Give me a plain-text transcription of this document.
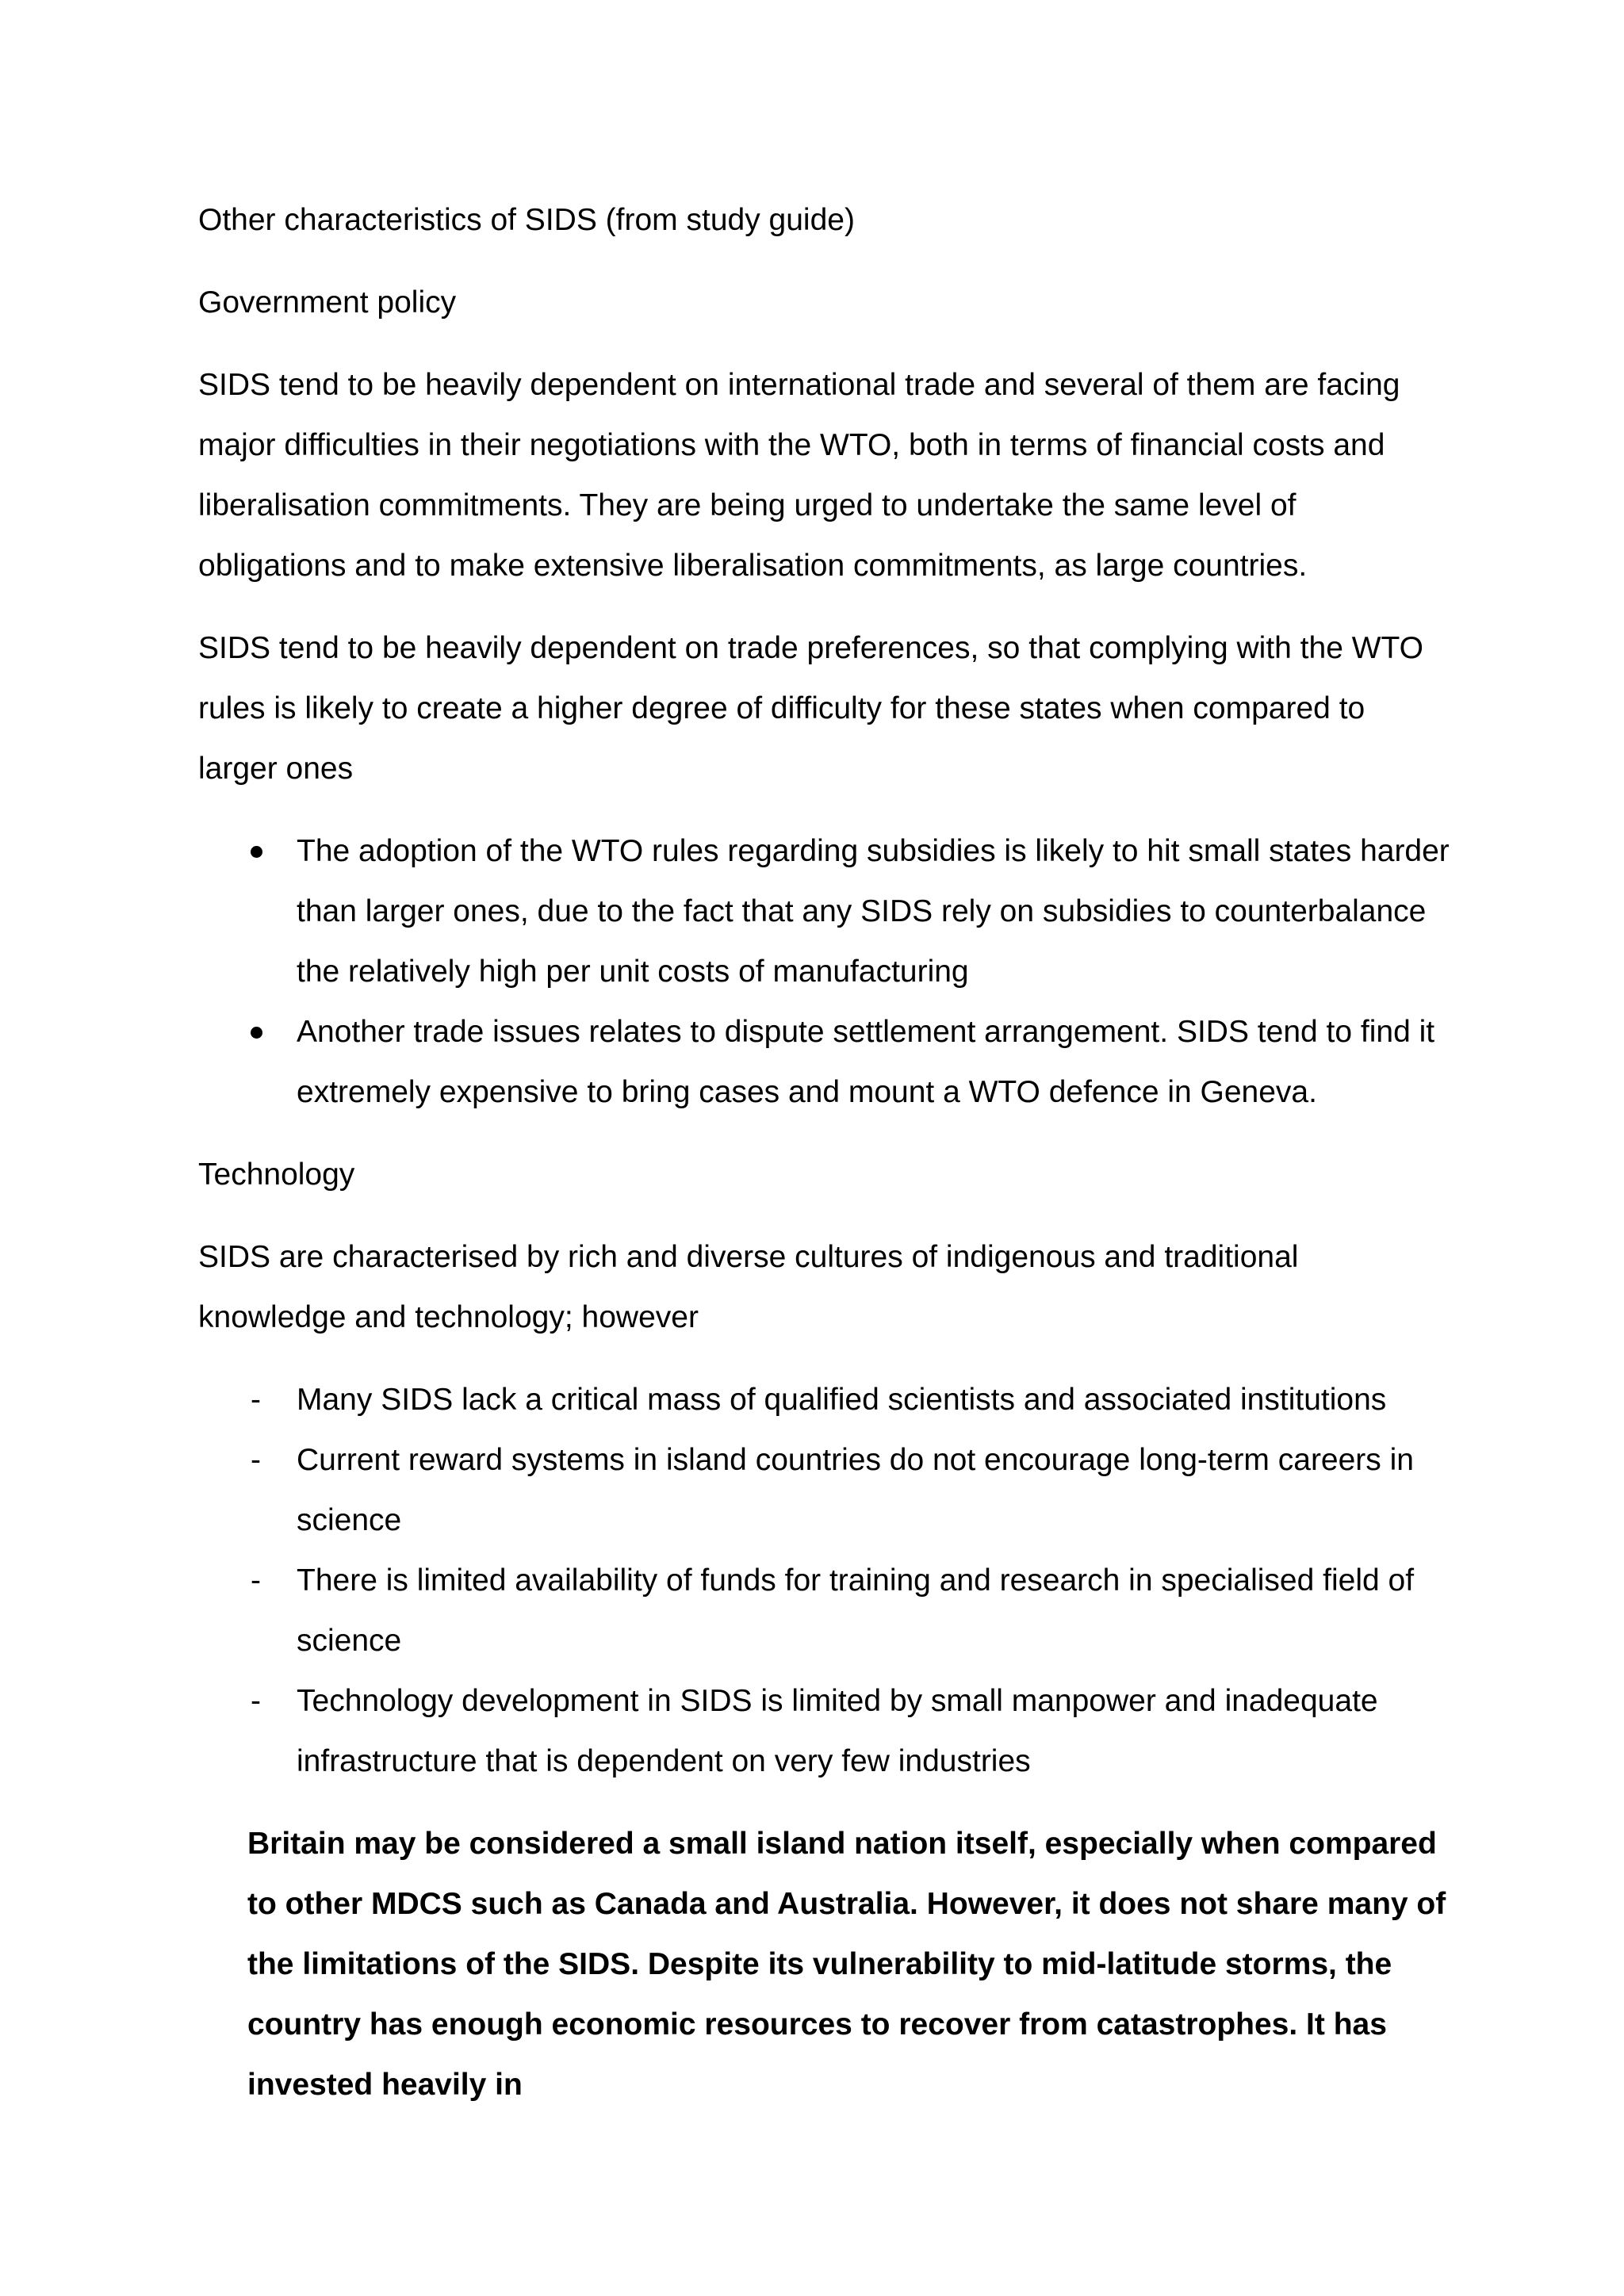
Other characteristics of SIDS (from study guide)

Government policy

SIDS tend to be heavily dependent on international trade and several of them are facing major difficulties in their negotiations with the WTO, both in terms of financial costs and liberalisation commitments. They are being urged to undertake the same level of obligations and to make extensive liberalisation commitments, as large countries.

SIDS tend to be heavily dependent on trade preferences, so that complying with the WTO rules is likely to create a higher degree of difficulty for these states when compared to larger ones

The adoption of the WTO rules regarding subsidies is likely to hit small states harder than larger ones, due to the fact that any SIDS rely on subsidies to counterbalance the relatively high per unit costs of manufacturing
Another trade issues relates to dispute settlement arrangement. SIDS tend to find it extremely expensive to bring cases and mount a WTO defence in Geneva.

Technology

SIDS are characterised by rich and diverse cultures of indigenous and traditional knowledge and technology; however

-	Many SIDS lack a critical mass of qualified scientists and associated institutions
-	Current reward systems in island countries do not encourage long-term careers in science
-	There is limited availability of funds for training and research in specialised field of science
-	Technology development in SIDS is limited by small manpower and inadequate infrastructure that is dependent on very few industries

Britain may be considered a small island nation itself, especially when compared to other MDCS such as Canada and Australia. However, it does not share many of the limitations of the SIDS. Despite its vulnerability to mid-latitude storms, the country has enough economic resources to recover from catastrophes. It has invested heavily in
